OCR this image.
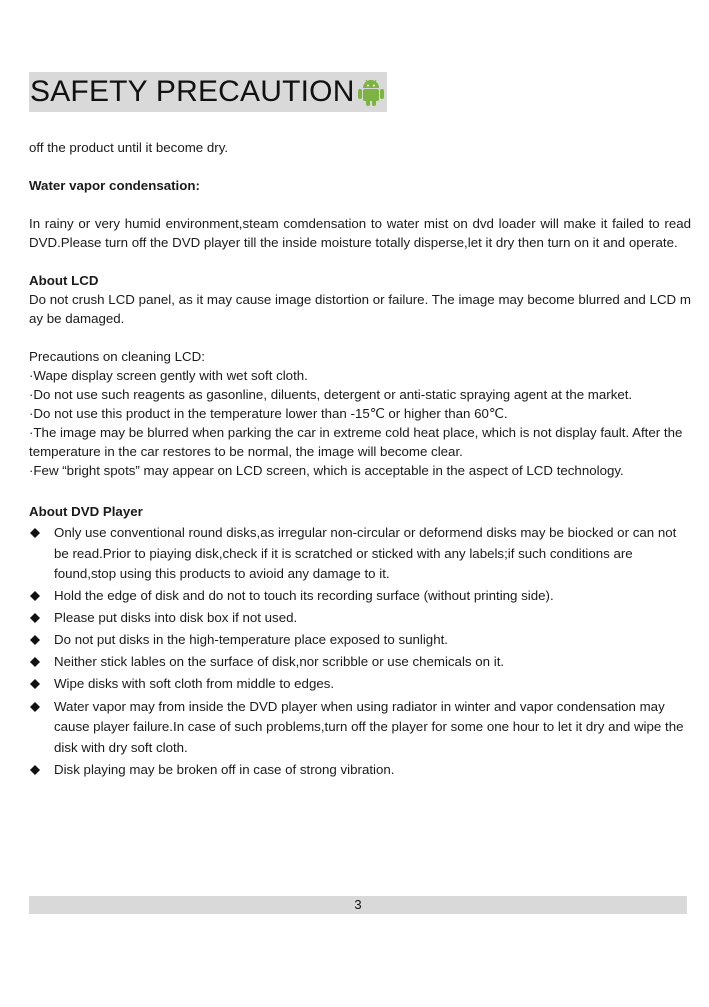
SAFETY PRECAUTION

off the product until it become dry.

Water vapor condensation:

In rainy or very humid environment,steam comdensation to water mist on dvd loader will make it failed to read DVD.Please turn off the DVD player till the inside moisture totally disperse,let it dry then turn on it and operate.

About LCD

Do not crush LCD panel, as it may cause image distortion or failure. The image may become blurred and LCD may be damaged.

Precautions on cleaning LCD:

·Wape display screen gently with wet soft cloth.

·Do not use such reagents as gasonline, diluents, detergent or anti-static spraying agent at the market.

·Do not use this product in the temperature lower than -15℃ or higher than 60℃.

·The image may be blurred when parking the car in extreme cold heat place, which is not display fault. After the temperature in the car restores to be normal, the image will become clear.

·Few “bright spots” may appear on LCD screen, which is acceptable in the aspect of LCD technology.

About DVD Player

Only use conventional round disks,as irregular non-circular or deformend disks may be biocked or can not be read.Prior to piaying disk,check if it is scratched or sticked with any labels;if such conditions are found,stop using this products to avioid any damage to it.
Hold the edge of disk and do not to touch its recording surface (without printing side).
Please put disks into disk box if not used.
Do not put disks in the high-temperature place exposed to sunlight.
Neither stick lables on the surface of disk,nor scribble or use chemicals on it.
Wipe disks with soft cloth from middle to edges.
Water vapor may from inside the DVD player when using radiator in winter and vapor condensation may cause player failure.In case of such problems,turn off the player for some one hour to let it dry and wipe the disk with dry soft cloth.
Disk playing may be broken off in case of strong vibration.
3
